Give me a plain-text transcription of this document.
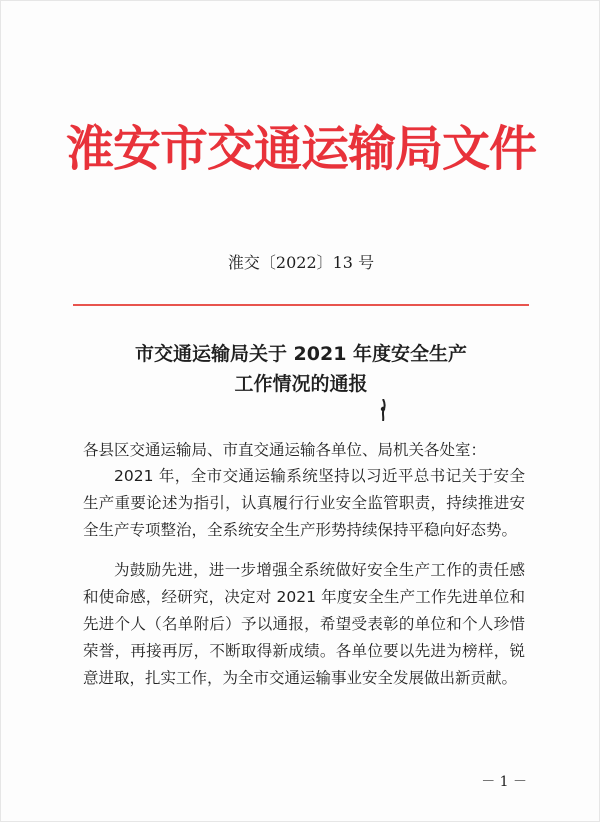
淮安市交通运输局文件
淮交〔2022〕13 号
市交通运输局关于 2021 年度安全生产
工作情况的通报
各县区交通运输局、市直交通运输各单位、局机关各处室：
2021 年，全市交通运输系统坚持以习近平总书记关于安全生产重要论述为指引，认真履行行业安全监管职责，持续推进安全生产专项整治，全系统安全生产形势持续保持平稳向好态势。
为鼓励先进，进一步增强全系统做好安全生产工作的责任感和使命感，经研究，决定对 2021 年度安全生产工作先进单位和先进个人（名单附后）予以通报，希望受表彰的单位和个人珍惜荣誉，再接再厉，不断取得新成绩。各单位要以先进为榜样，锐意进取，扎实工作，为全市交通运输事业安全发展做出新贡献。
－ 1 －
